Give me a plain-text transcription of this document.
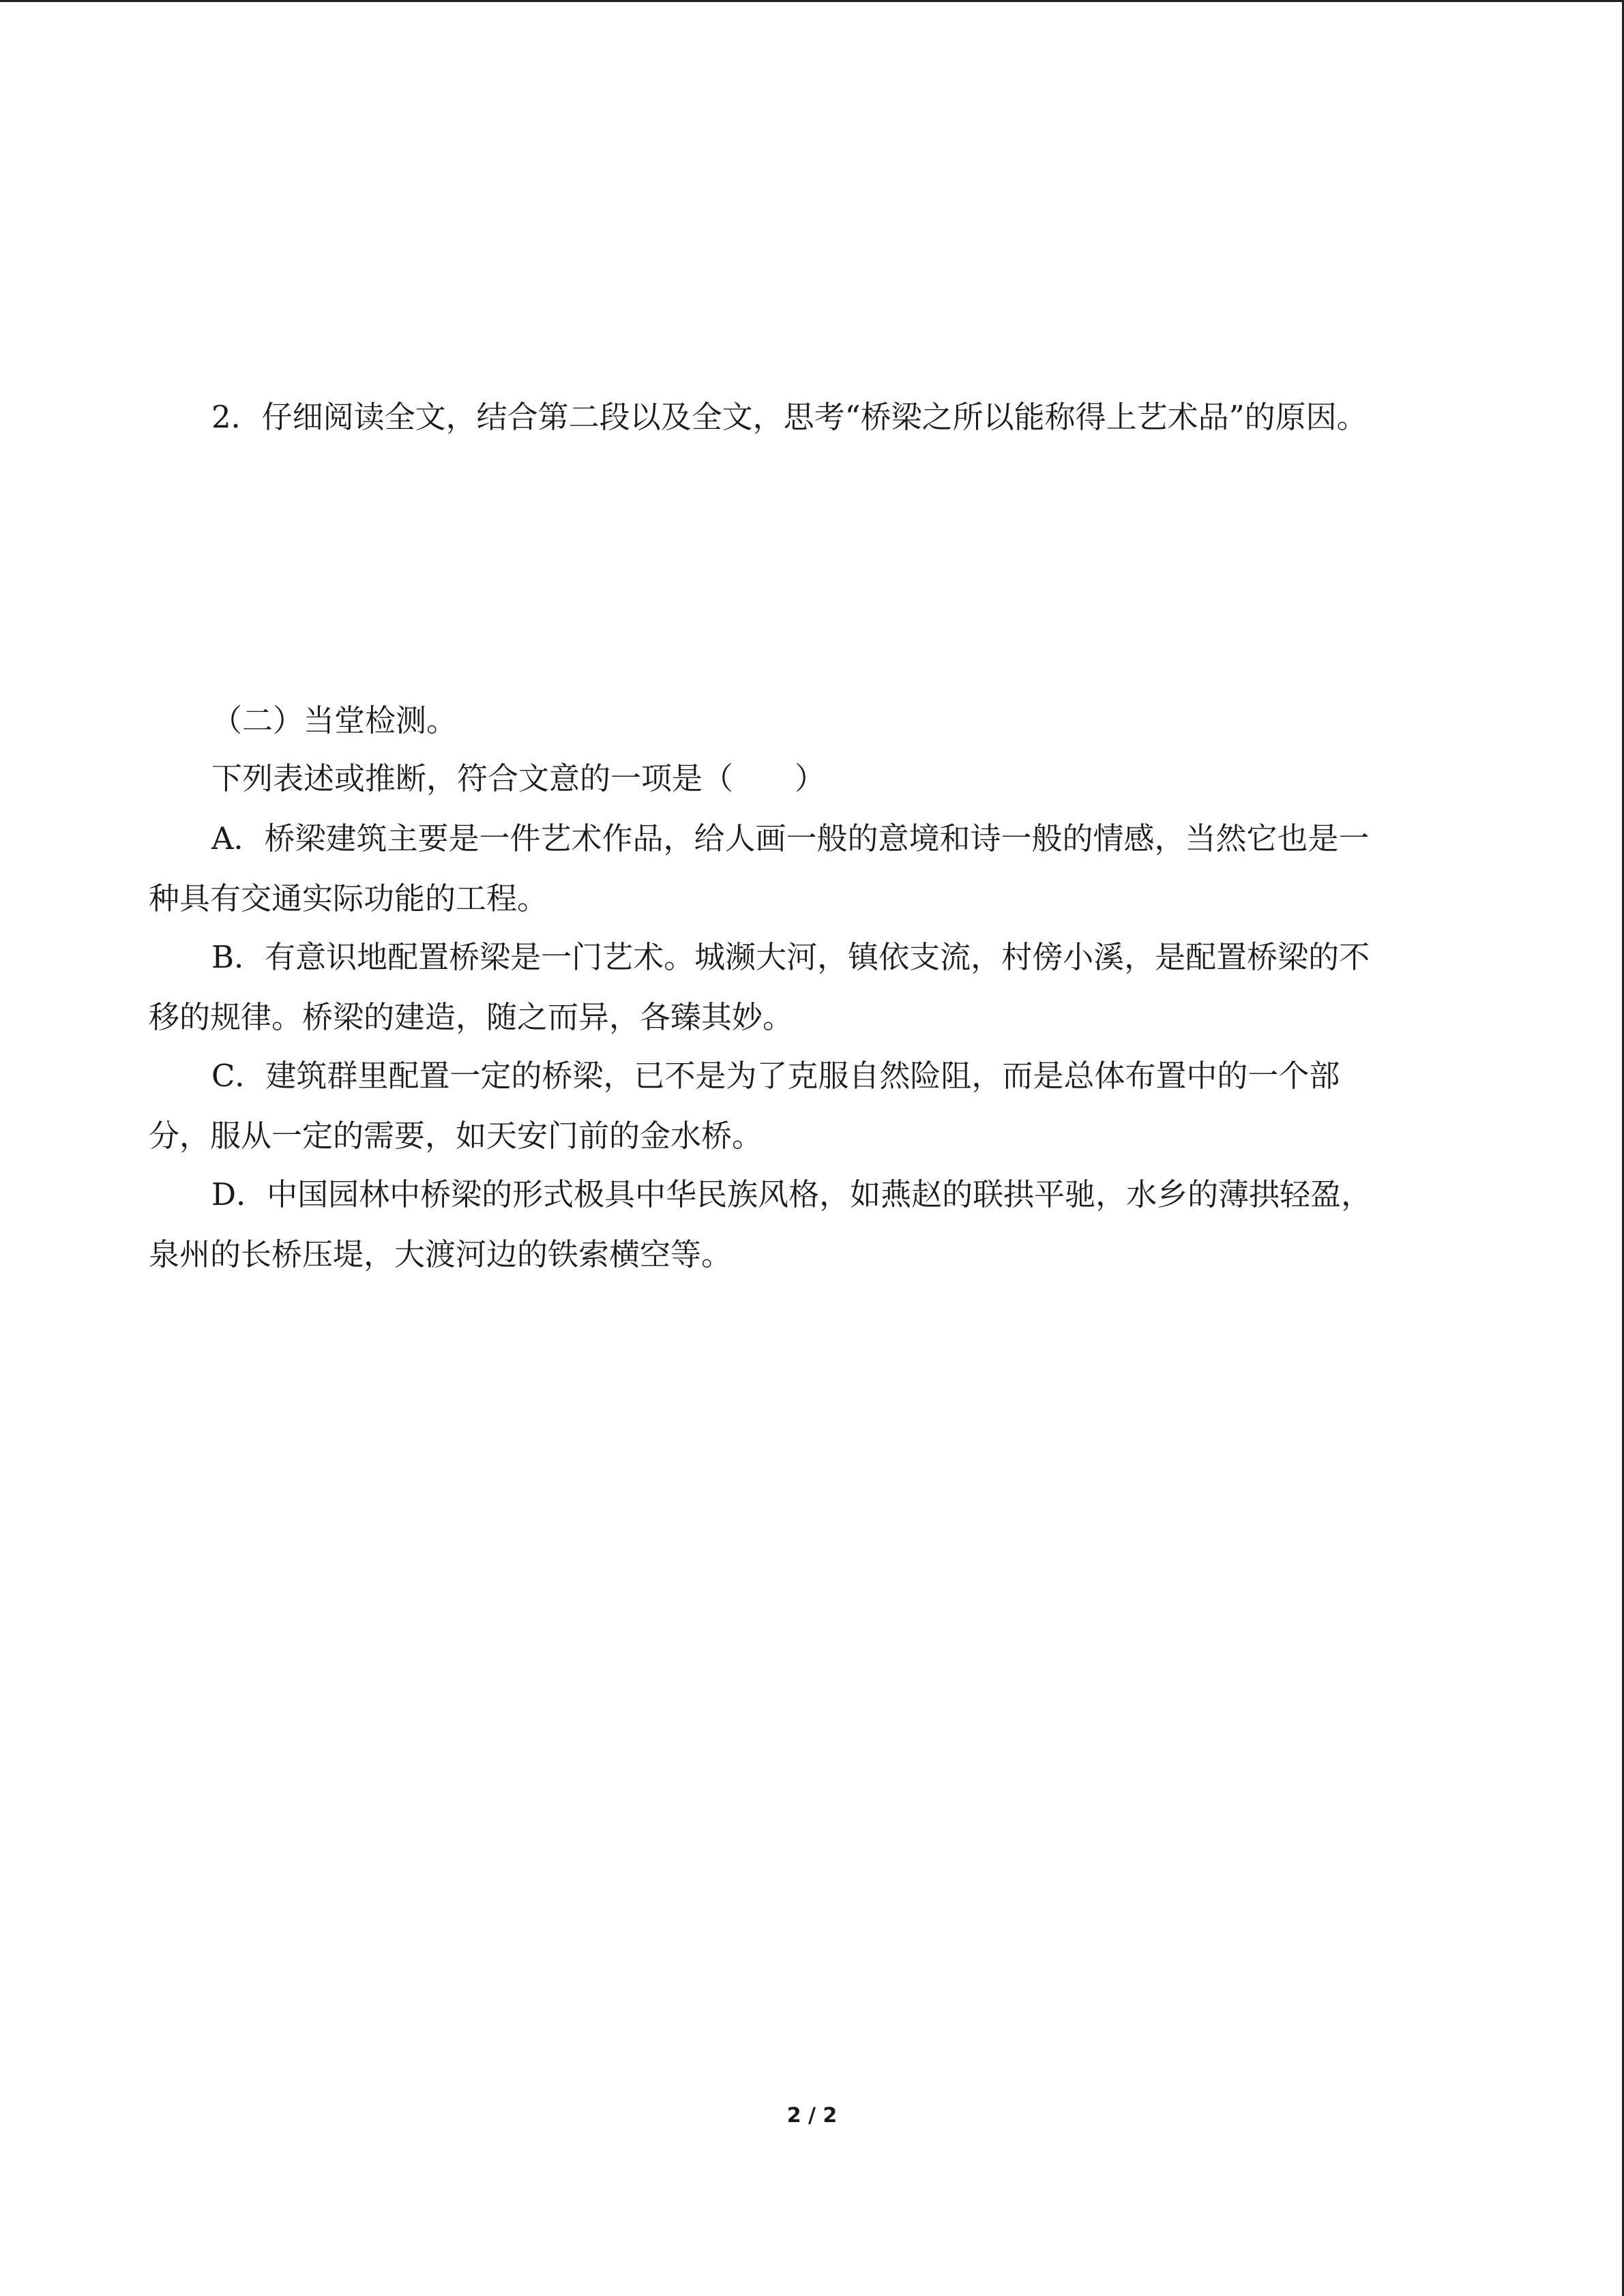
2．仔细阅读全文，结合第二段以及全文，思考“桥梁之所以能称得上艺术品”的原因。

（二）当堂检测。

下列表述或推断，符合文意的一项是（　　）

A．桥梁建筑主要是一件艺术作品，给人画一般的意境和诗一般的情感，当然它也是一
种具有交通实际功能的工程。
B．有意识地配置桥梁是一门艺术。城濒大河，镇依支流，村傍小溪，是配置桥梁的不
移的规律。桥梁的建造，随之而异，各臻其妙。
C．建筑群里配置一定的桥梁，已不是为了克服自然险阻，而是总体布置中的一个部
分，服从一定的需要，如天安门前的金水桥。
D．中国园林中桥梁的形式极具中华民族风格，如燕赵的联拱平驰，水乡的薄拱轻盈，
泉州的长桥压堤，大渡河边的铁索横空等。
2 / 2
